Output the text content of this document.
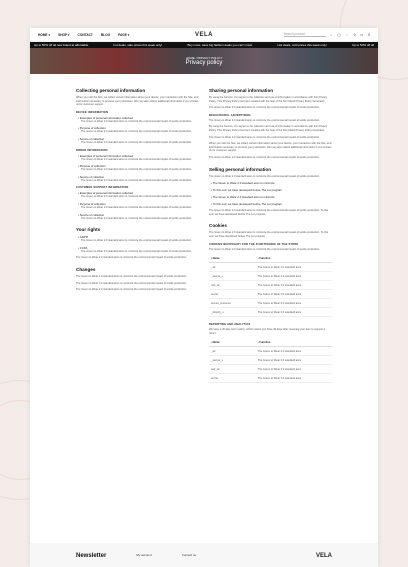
HOME ▾	SHOP ▾	CONTACT	BLOG	PAGE ▾	VELA	Search product	⌕ ◯ ♡ 0 ⊡ 0
Up to 50% off all new brand at affordable	hot deals, sale prices this week only!	Buy more, save big fashion deals you can't miss!	Hot deals, cold prices this week only!	Up to 50% off all
HOME / PRIVACY POLICY
Privacy policy
Collecting personal information

When you visit the Site, we collect certain information about your device, your interaction with the Site, and information necessary to process your purchases. We may also collect additional information if you contact us for customer support.

DEVICE INFORMATION
• Examples of personal information collected

The Green to Wear 2.0 standard aims to minimize the environmental impact of textile production.

• Purpose of collection

The Green to Wear 2.0 standard aims to minimize the environmental impact of textile production.

• Source of collection

The Green to Wear 2.0 standard aims to minimize the environmental impact of textile production.

ORDER INFORMATION
• Examples of personal information collected

The Green to Wear 2.0 standard aims to minimize the environmental impact of textile production.

• Purpose of collection

The Green to Wear 2.0 standard aims to minimize the environmental impact of textile production.

• Source of collection

The Green to Wear 2.0 standard aims to minimize the environmental impact of textile production.

CUSTOMER SUPPORT INFORMATION
• Examples of personal information collected

The Green to Wear 2.0 standard aims to minimize the environmental impact of textile production.

• Purpose of collection

The Green to Wear 2.0 standard aims to minimize the environmental impact of textile production.

• Source of collection

The Green to Wear 2.0 standard aims to minimize the environmental impact of textile production.

Your rights
• GDPR

The Green to Wear 2.0 standard aims to minimize the environmental impact of textile production.

• CCPA

The Green to Wear 2.0 standard aims to minimize the environmental impact of textile production.

The Green to Wear 2.0 standard aims to minimize the environmental impact of textile production.

Changes

The Green to Wear 2.0 standard aims to minimize the environmental impact of textile production.

The Green to Wear 2.0 standard aims to minimize the environmental impact of textile production.

The Green to Wear 2.0 standard aims to minimize the environmental impact of textile production.

Sharing personal information

By using the Service, You agree to the collection and use of information in accordance with this Privacy Policy. This Privacy Policy has been created with the help of the Termsfeed Privacy Policy Generator.

The Green to Wear 2.0 standard aims to minimize the environmental impact of textile production.

BEHAVIOURAL ADVERTISING

The Green to Wear 2.0 standard aims to minimize the environmental impact of textile production.

By using the Service, You agree to the collection and use of information in accordance with this Privacy Policy. This Privacy Policy has been created with the help of the Termsfeed Privacy Policy Generator.

The Green to Wear 2.0 standard aims to minimize the environmental impact of textile production.

When you visit the Site, we collect certain information about your device, your interaction with the Site, and information necessary to process your purchases. We may also collect additional information if you contact us for customer support.

The Green to Wear 2.0 standard aims to minimize the environmental impact of textile production.

Selling personal information

The Green to Wear 2.0 standard aims to minimize the environmental impact of textile production.

• The Green to Wear 2.0 standard aims to minimize
• To this end, we have developed before The Lot program
• The Green to Wear 2.0 standard aims to minimize
• To this end, we have developed before The Lot program

The Green to Wear 2.0 standard aims to minimize the environmental impact of textile production. To this end, we have developed before The Lot program.

Cookies

The Green to Wear 2.0 standard aims to minimize the environmental impact of textile production. To this end, we have developed before The Lot program.

COOKIES NECESSARY FOR THE FUNCTIONING OF THE STORE

The Green to Wear 2.0 standard aims to minimize the environmental impact of textile production.

• Name	• Function
_ab	The Green to Wear 2.0 standard aims
_secure_s	The Green to Wear 2.0 standard aims
cart_sk	The Green to Wear 2.0 standard aims
secret	The Green to Wear 2.0 standard aims
secure_customer	The Green to Wear 2.0 standard aims
_shopify_u	The Green to Wear 2.0 standard aims
REPORTING AND ANALYTICS

We keep a 30-day return policy, which means you have 30 days after receiving your item to request a return.

• Name	• Function
_ab	The Green to Wear 2.0 standard aims
_secure_s	The Green to Wear 2.0 standard aims
cart_sk	The Green to Wear 2.0 standard aims
secret	The Green to Wear 2.0 standard aims
Newsletter	My account	Contact us	VELA
